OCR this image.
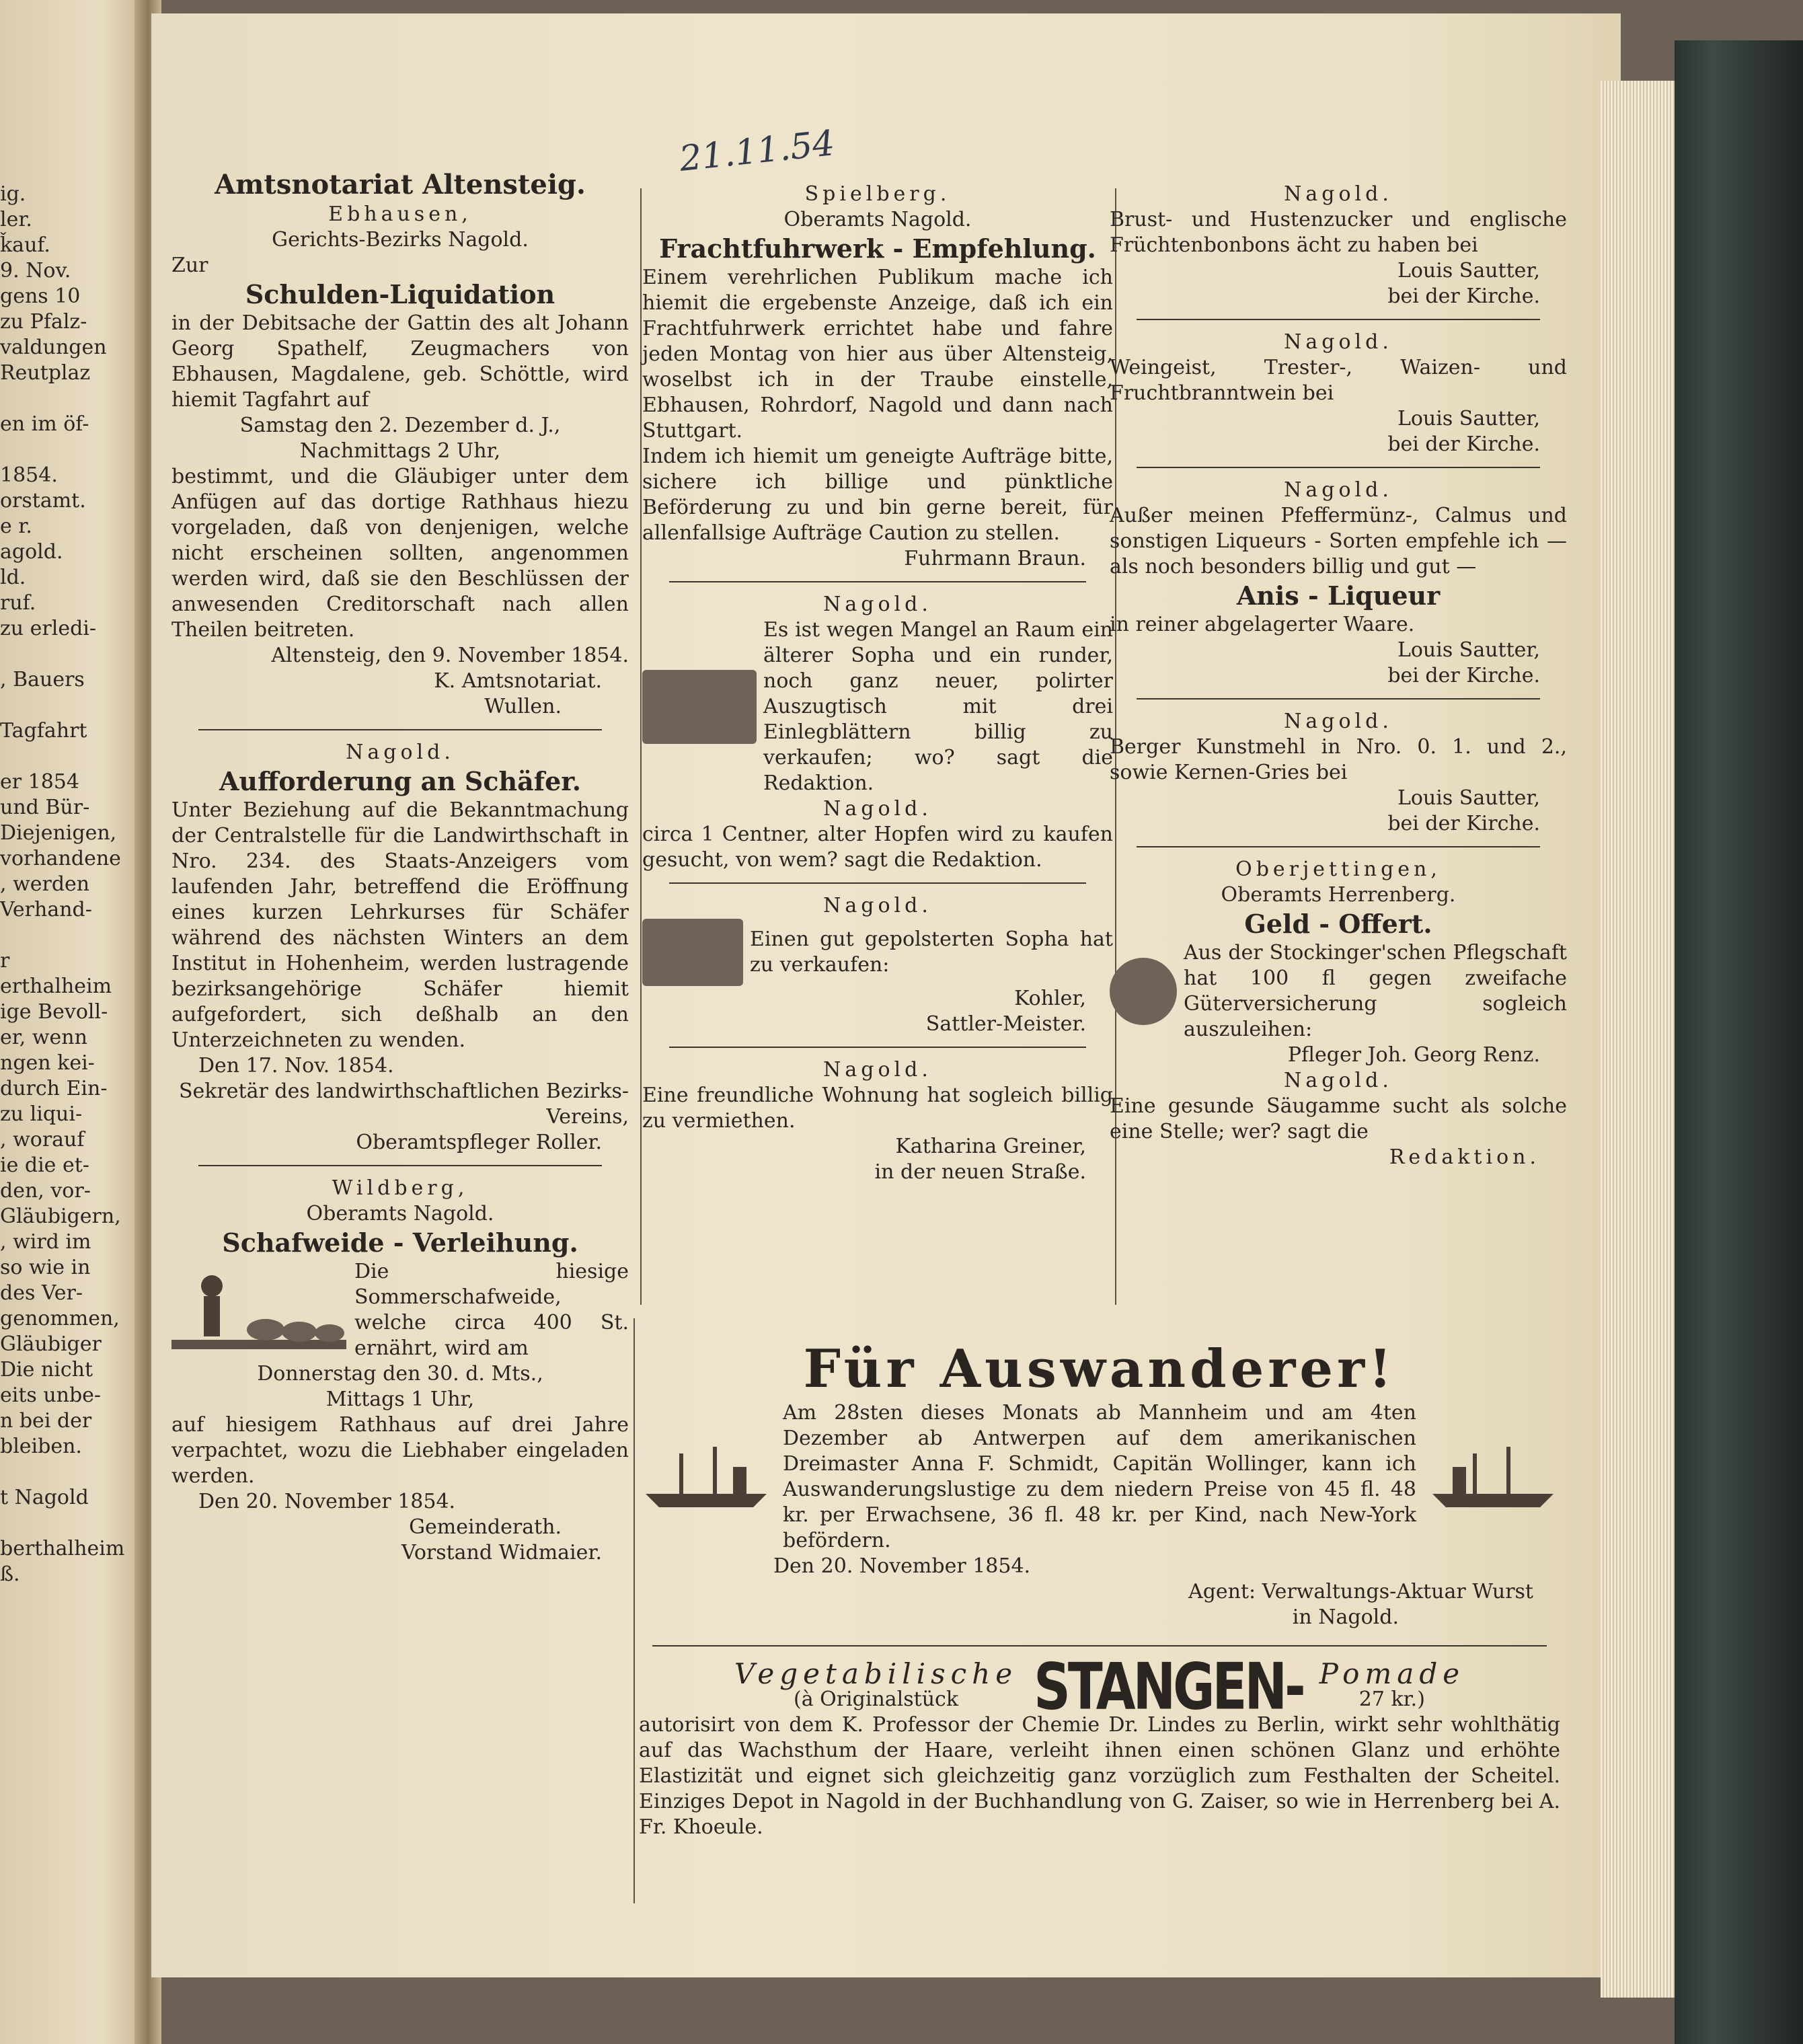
ig.
ler.
ǩauf.
9. Nov.
gens 10
zu Pfalz-
valdungen
Reutplaz

en im öf-

1854.
orstamt.
e r.
agold.
ld.
ruf.
zu erledi-

, Bauers

Tagfahrt

er 1854
und Bür-
Diejenigen,
vorhandene
, werden
Verhand-

r
erthalheim
ige Bevoll-
er, wenn
ngen kei-
durch Ein-
zu liqui-
, worauf
ie die et-
den, vor-
Gläubigern,
, wird im
so wie in
des Ver-
genommen,
Gläubiger
Die nicht
eits unbe-
n bei der
bleiben.

t Nagold

berthalheim
ß.
21.11.54
Amtsnotariat Altensteig.
Ebhausen,
Gerichts-Bezirks Nagold.
Zur
Schulden-Liquidation

in der Debitsache der Gattin des alt Johann Georg Spathelf, Zeugmachers von Ebhausen, Magdalene, geb. Schöttle, wird hiemit Tagfahrt auf

Samstag den 2. Dezember d. J.,
Nachmittags 2 Uhr,

bestimmt, und die Gläubiger unter dem Anfügen auf das dortige Rathhaus hiezu vorgeladen, daß von denjenigen, welche nicht erscheinen sollten, angenommen werden wird, daß sie den Beschlüssen der anwesenden Creditorschaft nach allen Theilen beitreten.

Altensteig, den 9. November 1854.
K. Amtsnotariat.
Wullen.
Nagold.
Aufforderung an Schäfer.

Unter Beziehung auf die Bekanntmachung der Centralstelle für die Landwirthschaft in Nro. 234. des Staats-Anzeigers vom laufenden Jahr, betreffend die Eröffnung eines kurzen Lehrkurses für Schäfer während des nächsten Winters an dem Institut in Hohenheim, werden lustragende bezirksangehörige Schäfer hiemit aufgefordert, sich deßhalb an den Unterzeichneten zu wenden.

Den 17. Nov. 1854.
Sekretär des landwirthschaftlichen Bezirks-Vereins,
Oberamtspfleger Roller.
Wildberg,
Oberamts Nagold.
Schafweide - Verleihung.

Die hiesige Sommerschafweide, welche circa 400 St. ernährt, wird am

Donnerstag den 30. d. Mts.,
Mittags 1 Uhr,

auf hiesigem Rathhaus auf drei Jahre verpachtet, wozu die Liebhaber eingeladen werden.

Den 20. November 1854.
Gemeinderath.
Vorstand Widmaier.
Spielberg.
Oberamts Nagold.
Frachtfuhrwerk - Empfehlung.

Einem verehrlichen Publikum mache ich hiemit die ergebenste Anzeige, daß ich ein Frachtfuhrwerk errichtet habe und fahre jeden Montag von hier aus über Altensteig, woselbst ich in der Traube einstelle, Ebhausen, Rohrdorf, Nagold und dann nach Stuttgart.

Indem ich hiemit um geneigte Aufträge bitte, sichere ich billige und pünktliche Beförderung zu und bin gerne bereit, für allenfallsige Aufträge Caution zu stellen.

Fuhrmann Braun.
Nagold.

Es ist wegen Mangel an Raum ein älterer Sopha und ein runder, noch ganz neuer, polirter Auszugtisch mit drei Einlegblättern billig zu verkaufen; wo? sagt die Redaktion.

Nagold.

circa 1 Centner, alter Hopfen wird zu kaufen gesucht, von wem? sagt die Redaktion.

Nagold.

Einen gut gepolsterten Sopha hat zu verkaufen:

Kohler,
Sattler-Meister.
Nagold.

Eine freundliche Wohnung hat sogleich billig zu vermiethen.

Katharina Greiner,
in der neuen Straße.
Nagold.

Brust- und Hustenzucker und englische Früchtenbonbons ächt zu haben bei

Louis Sautter,
bei der Kirche.
Nagold.

Weingeist, Trester-, Waizen- und Fruchtbranntwein bei

Louis Sautter,
bei der Kirche.
Nagold.

Außer meinen Pfeffermünz-, Calmus und sonstigen Liqueurs - Sorten empfehle ich — als noch besonders billig und gut —

Anis - Liqueur
in reiner abgelagerter Waare.
Louis Sautter,
bei der Kirche.
Nagold.

Berger Kunstmehl in Nro. 0. 1. und 2., sowie Kernen-Gries bei

Louis Sautter,
bei der Kirche.
Oberjettingen,
Oberamts Herrenberg.
Geld - Offert.

Aus der Stockinger'schen Pflegschaft hat 100 fl gegen zweifache Güterversicherung sogleich auszuleihen:

Pfleger Joh. Georg Renz.
Nagold.

Eine gesunde Säugamme sucht als solche eine Stelle; wer? sagt die

Redaktion.
Für Auswanderer!

Am 28sten dieses Monats ab Mannheim und am 4ten Dezember ab Antwerpen auf dem amerikanischen Dreimaster Anna F. Schmidt, Capitän Wollinger, kann ich Auswanderungslustige zu dem niedern Preise von 45 fl. 48 kr. per Erwachsene, 36 fl. 48 kr. per Kind, nach New-York befördern.

Den 20. November 1854.
Agent: Verwaltungs-Aktuar Wurst
in Nagold.
Vegetabilische
(à Originalstück	STANGEN- Pomade
27 kr.)

autorisirt von dem K. Professor der Chemie Dr. Lindes zu Berlin, wirkt sehr wohlthätig auf das Wachsthum der Haare, verleiht ihnen einen schönen Glanz und erhöhte Elastizität und eignet sich gleichzeitig ganz vorzüglich zum Festhalten der Scheitel. Einziges Depot in Nagold in der Buchhandlung von G. Zaiser, so wie in Herrenberg bei A. Fr. Khoeule.
